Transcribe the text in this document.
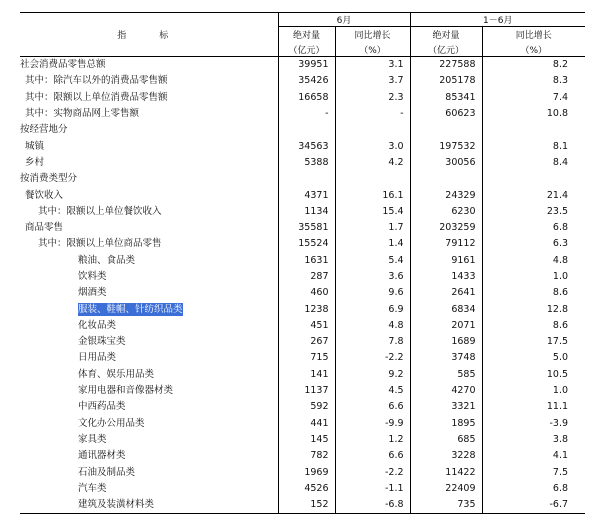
指　标	6月		1－6月	
	绝对量	同比增长	绝对量	同比增长
	（亿元）	（%）	（亿元）	（%）
社会消费品零售总额	39951	3.1	227588	8.2
其中：除汽车以外的消费品零售额	35426	3.7	205178	8.3
其中：限额以上单位消费品零售额	16658	2.3	85341	7.4
其中：实物商品网上零售额	-	-	60623	10.8
按经营地分				
城镇	34563	3.0	197532	8.1
乡村	5388	4.2	30056	8.4
按消费类型分				
餐饮收入	4371	16.1	24329	21.4
其中：限额以上单位餐饮收入	1134	15.4	6230	23.5
商品零售	35581	1.7	203259	6.8
其中：限额以上单位商品零售	15524	1.4	79112	6.3
粮油、食品类	1631	5.4	9161	4.8
饮料类	287	3.6	1433	1.0
烟酒类	460	9.6	2641	8.6
服装、鞋帽、针纺织品类	1238	6.9	6834	12.8
化妆品类	451	4.8	2071	8.6
金银珠宝类	267	7.8	1689	17.5
日用品类	715	-2.2	3748	5.0
体育、娱乐用品类	141	9.2	585	10.5
家用电器和音像器材类	1137	4.5	4270	1.0
中西药品类	592	6.6	3321	11.1
文化办公用品类	441	-9.9	1895	-3.9
家具类	145	1.2	685	3.8
通讯器材类	782	6.6	3228	4.1
石油及制品类	1969	-2.2	11422	7.5
汽车类	4526	-1.1	22409	6.8
建筑及装潢材料类	152	-6.8	735	-6.7
